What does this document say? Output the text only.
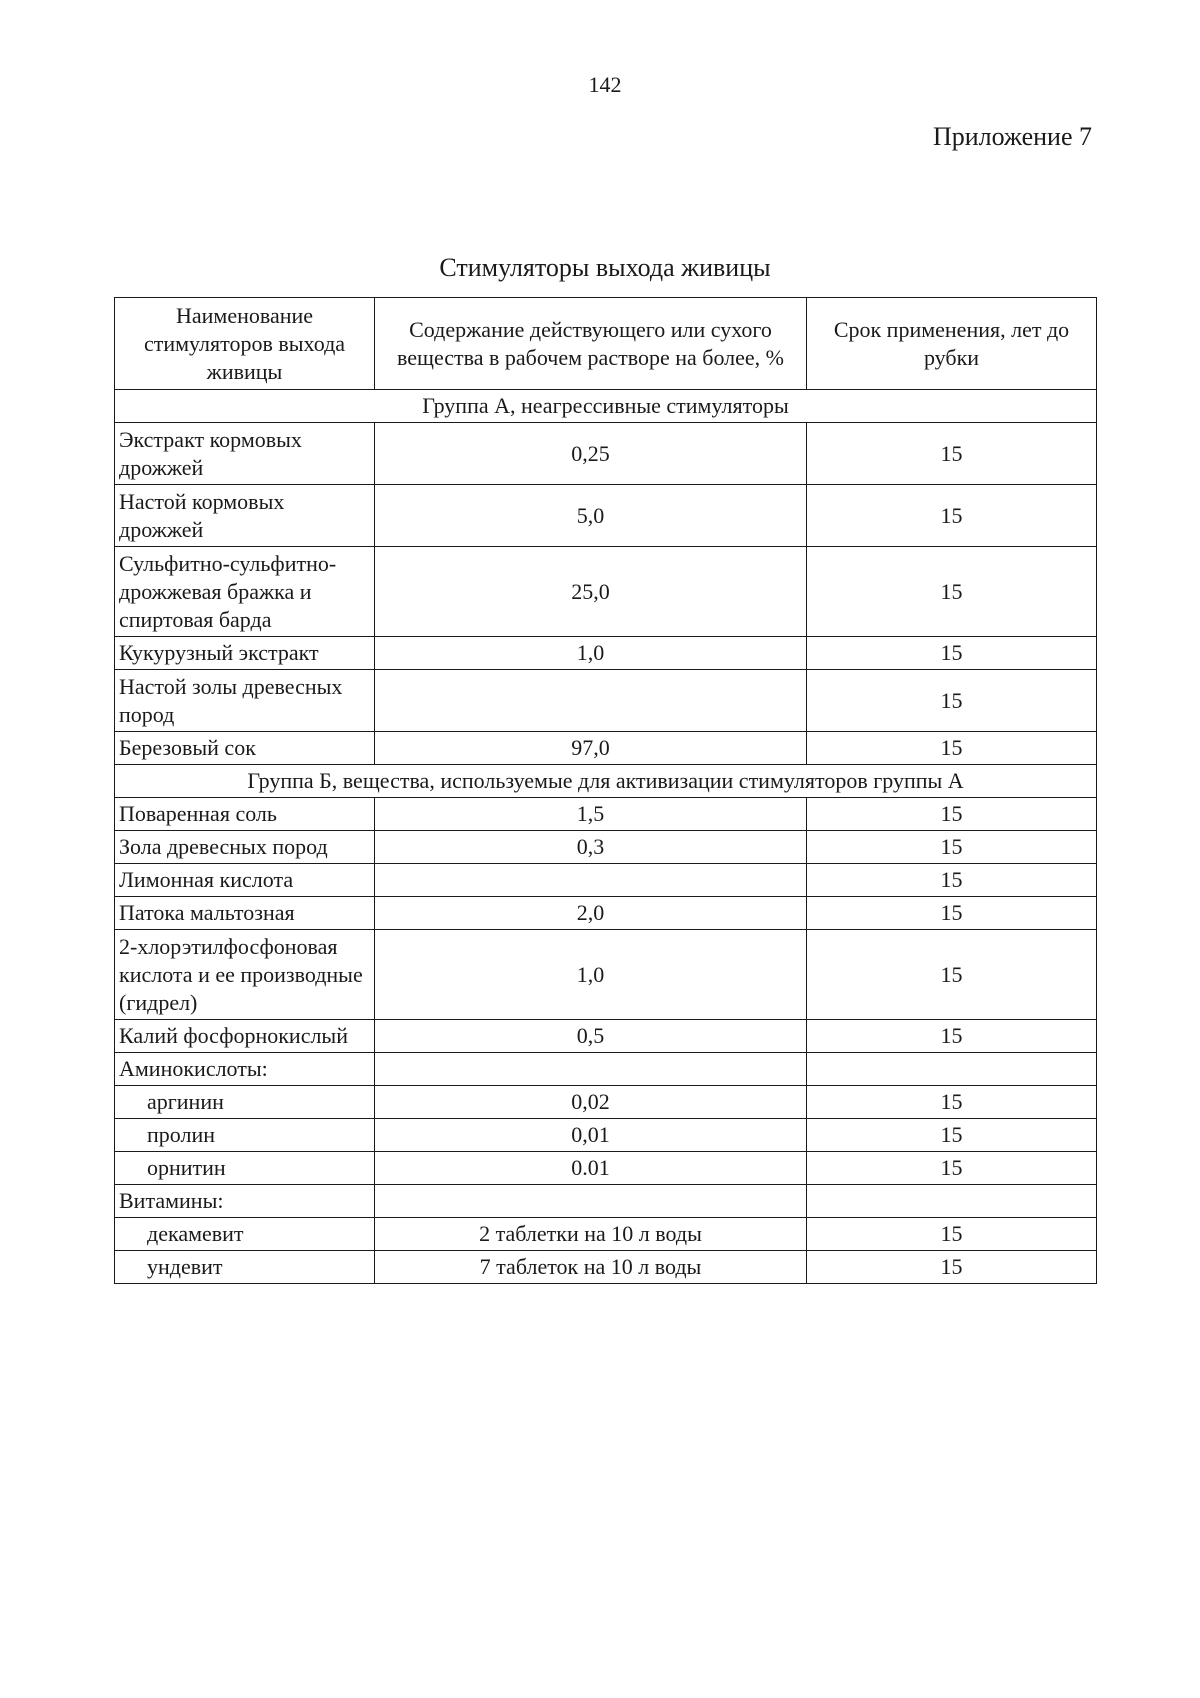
142
Приложение 7
Стимуляторы выхода живицы
Наименование стимуляторов выхода живицы	Содержание действующего или сухого вещества в рабочем растворе на более, %	Срок применения, лет до рубки
Группа А, неагрессивные стимуляторы		
Экстракт кормовых дрожжей	0,25	15
Настой кормовых дрожжей	5,0	15
Сульфитно-сульфитно-дрожжевая бражка и спиртовая барда	25,0	15
Кукурузный экстракт	1,0	15
Настой золы древесных пород		15
Березовый сок	97,0	15
Группа Б, вещества, используемые для активизации стимуляторов группы А		
Поваренная соль	1,5	15
Зола древесных пород	0,3	15
Лимонная кислота		15
Патока мальтозная	2,0	15
2-хлорэтилфосфоновая кислота и ее производные (гидрел)	1,0	15
Калий фосфорнокислый	0,5	15
Аминокислоты:		
аргинин	0,02	15
пролин	0,01	15
орнитин	0.01	15
Витамины:		
декамевит	2 таблетки на 10 л воды	15
ундевит	7 таблеток на 10 л воды	15
